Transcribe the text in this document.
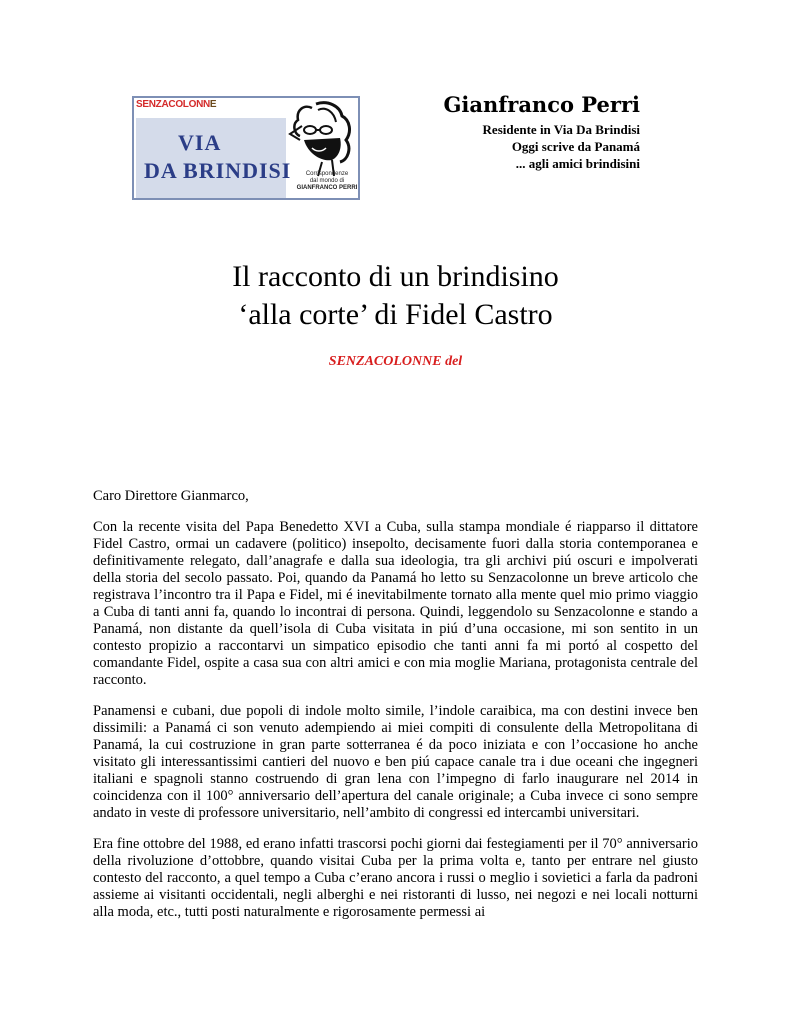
SENZACOLONNE
VIA
DA BRINDISI	Corrispondenze
dal mondo di
GIANFRANCO PERRI
Gianfranco Perri
Residente in Via Da Brindisi
Oggi scrive da Panamá
... agli amici brindisini
Il racconto di un brindisino
‘alla corte’ di Fidel Castro
SENZACOLONNE del

Caro Direttore Gianmarco,

Con la recente visita del Papa Benedetto XVI a Cuba, sulla stampa mondiale é riapparso il dittatore Fidel Castro, ormai un cadavere (politico) insepolto, decisamente fuori dalla storia contemporanea e definitivamente relegato, dall’anagrafe e dalla sua ideologia, tra gli archivi piú oscuri e impolverati della storia del secolo passato. Poi, quando da Panamá ho letto su Senzacolonne un breve articolo che registrava l’incontro tra il Papa e Fidel, mi é inevitabilmente tornato alla mente quel mio primo viaggio a Cuba di tanti anni fa, quando lo incontrai di persona. Quindi, leggendolo su Senzacolonne e stando a Panamá, non distante da quell’isola di Cuba visitata in piú d’una occasione, mi son sentito in un contesto propizio a raccontarvi un simpatico episodio che tanti anni fa mi portó al cospetto del comandante Fidel, ospite a casa sua con altri amici e con mia moglie Mariana, protagonista centrale del racconto.

Panamensi e cubani, due popoli di indole molto simile, l’indole caraibica, ma con destini invece ben dissimili: a Panamá ci son venuto adempiendo ai miei compiti di consulente della Metropolitana di Panamá, la cui costruzione in gran parte sotterranea é da poco iniziata e con l’occasione ho anche visitato gli interessantissimi cantieri del nuovo e ben piú capace canale tra i due oceani che ingegneri italiani e spagnoli stanno costruendo di gran lena con l’impegno di farlo inaugurare nel 2014 in coincidenza con il 100° anniversario dell’apertura del canale originale; a Cuba invece ci sono sempre andato in veste di professore universitario, nell’ambito di congressi ed intercambi universitari.

Era fine ottobre del 1988, ed erano infatti trascorsi pochi giorni dai festegiamenti per il 70° anniversario della rivoluzione d’ottobbre, quando visitai Cuba per la prima volta e, tanto per entrare nel giusto contesto del racconto, a quel tempo a Cuba c’erano ancora i russi o meglio i sovietici a farla da padroni assieme ai visitanti occidentali, negli alberghi e nei ristoranti di lusso, nei negozi e nei locali notturni alla moda, etc., tutti posti naturalmente e rigorosamente permessi ai
